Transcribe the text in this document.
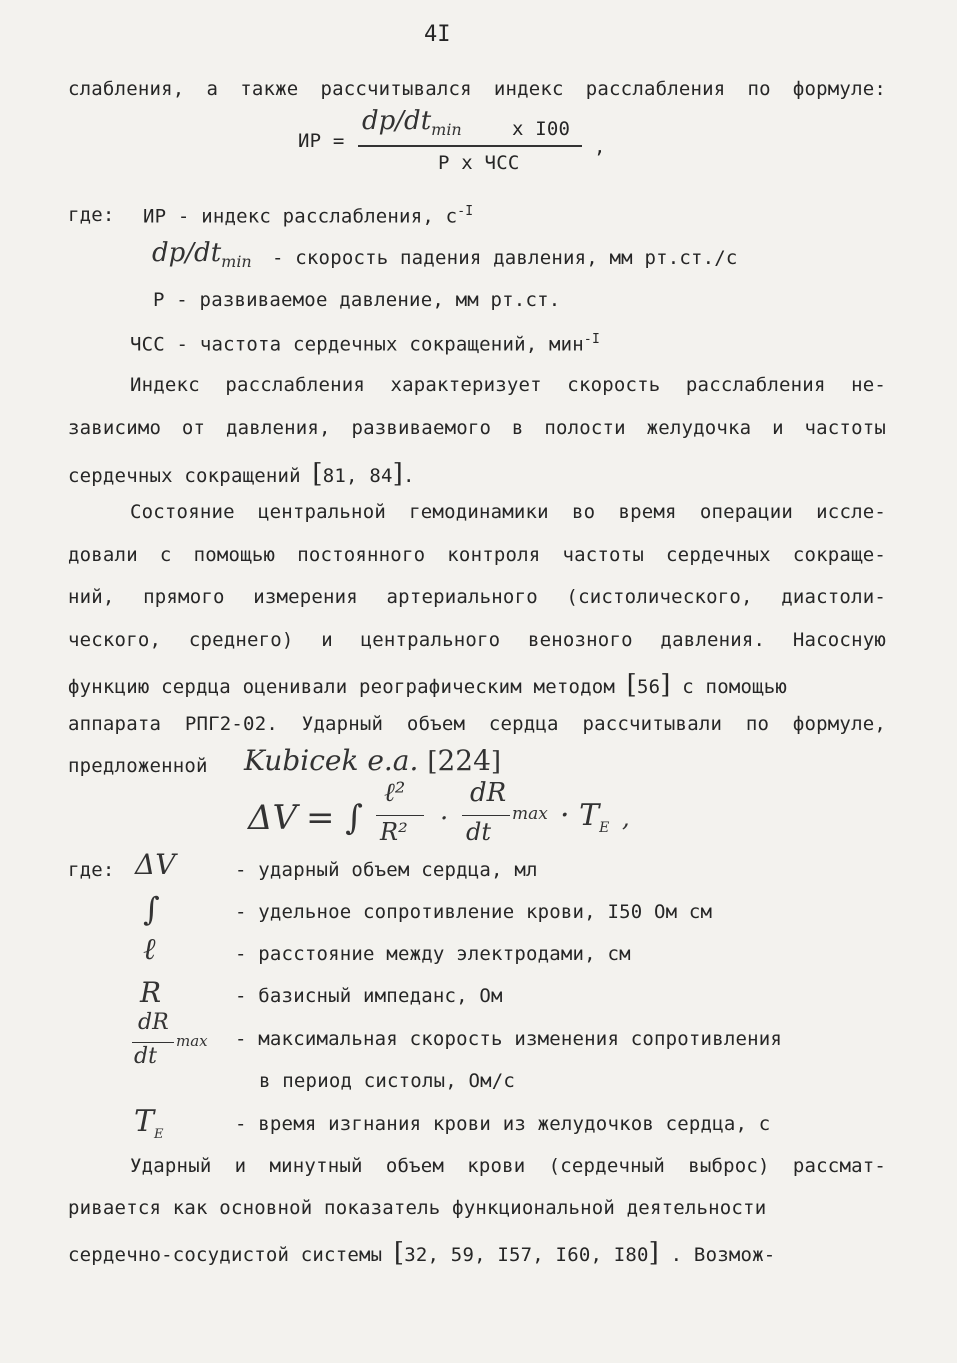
4I
слабления, а также рассчитывался индекс расслабления по формуле:
ИР =
$dp/dt_{min}$	x I00
P x ЧСС
,
где: ИР - индекс расслабления, $с^{-I}$
$dp/dt_{min}$ - скорость падения давления, мм рт.ст./с
P - развиваемое давление, мм рт.ст.
ЧСС - частота сердечных сокращений, мин$^{-I}$
Индекс расслабления характеризует скорость расслабления не-
зависимо от давления, развиваемого в полости желудочка и частоты
сердечных сокращений [81, 84].
Состояние центральной гемодинамики во время операции иссле-
довали с помощью постоянного контроля частоты сердечных сокраще-
ний, прямого измерения артериального (систолического, диастоли-
ческого, среднего) и центрального венозного давления. Насосную
функцию сердца оценивали реографическим методом [56] с помощью
аппарата РПГ2-02. Ударный объем сердца рассчитывали по формуле,
предложенной Kubicek e.a. [224]
ΔV = ∫
ℓ²
R² ·
dR
dt
$\max \cdot T_E$ ,
где: ΔV	- ударный объем сердца, мл
∫	- удельное сопротивление крови, I50 Ом см
ℓ	- расстояние между электродами, см
R	- базисный импеданс, Ом
dR
dt
max - максимальная скорость изменения сопротивления
в период систолы, Ом/с
$T_E$	- время изгнания крови из желудочков сердца, с
Ударный и минутный объем крови (сердечный выброс) рассмат-
ривается как основной показатель функциональной деятельности
сердечно-сосудистой системы [32, 59, I57, I60, I80] . Возмож-
